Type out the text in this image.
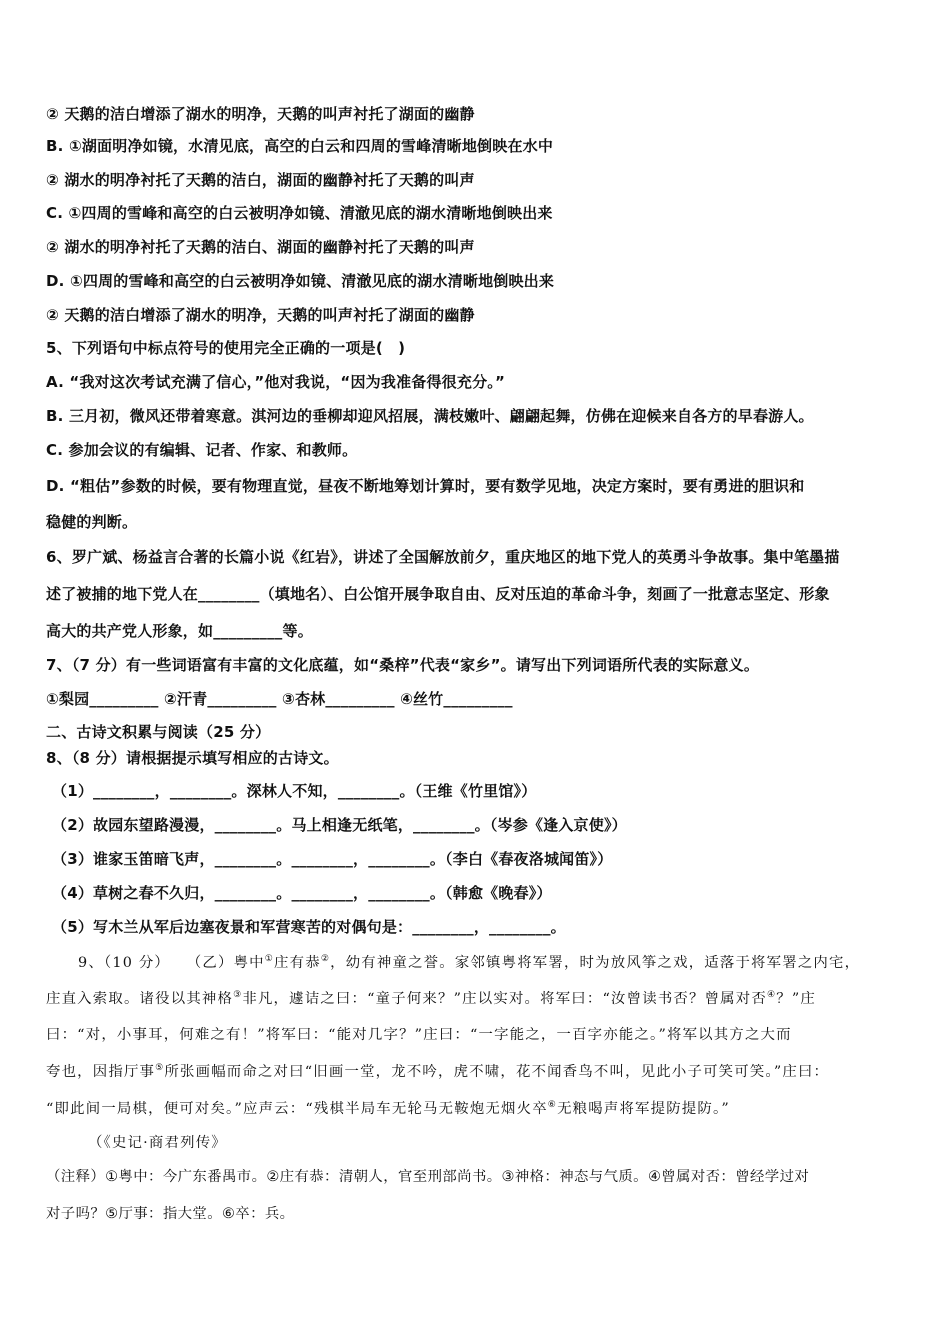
② 天鹅的洁白增添了湖水的明净，天鹅的叫声衬托了湖面的幽静
B. ①湖面明净如镜，水清见底，高空的白云和四周的雪峰清晰地倒映在水中
② 湖水的明净衬托了天鹅的洁白，湖面的幽静衬托了天鹅的叫声
C. ①四周的雪峰和高空的白云被明净如镜、清澈见底的湖水清晰地倒映出来
② 湖水的明净衬托了天鹅的洁白、湖面的幽静衬托了天鹅的叫声
D. ①四周的雪峰和高空的白云被明净如镜、清澈见底的湖水清晰地倒映出来
② 天鹅的洁白增添了湖水的明净，天鹅的叫声衬托了湖面的幽静
5、下列语句中标点符号的使用完全正确的一项是(　)
A. “我对这次考试充满了信心，”他对我说，“因为我准备得很充分。”
B. 三月初，微风还带着寒意。淇河边的垂柳却迎风招展，满枝嫩叶、翩翩起舞，仿佛在迎候来自各方的早春游人。
C. 参加会议的有编辑、记者、作家、和教师。
D. “粗估”参数的时候，要有物理直觉，昼夜不断地筹划计算时，要有数学见地，决定方案时，要有勇进的胆识和
稳健的判断。
6、罗广斌、杨益言合著的长篇小说《红岩》，讲述了全国解放前夕，重庆地区的地下党人的英勇斗争故事。集中笔墨描
述了被捕的地下党人在________（填地名）、白公馆开展争取自由、反对压迫的革命斗争，刻画了一批意志坚定、形象
高大的共产党人形象，如_________等。
7、（7 分）有一些词语富有丰富的文化底蕴，如“桑梓”代表“家乡”。请写出下列词语所代表的实际意义。
①梨园_________ ②汗青_________ ③杏林_________ ④丝竹_________
二、古诗文积累与阅读（25 分）
8、（8 分）请根据提示填写相应的古诗文。
（1）________，________。深林人不知，________。（王维《竹里馆》）
（2）故园东望路漫漫，________。马上相逢无纸笔，________。（岑参《逢入京使》）
（3）谁家玉笛暗飞声，________。________，________。（李白《春夜洛城闻笛》）
（4）草树之春不久归，________。________，________。（韩愈《晚春》）
（5）写木兰从军后边塞夜景和军营寒苦的对偶句是：________，________。
9、（10 分）　　 （乙）粤中①庄有恭②，幼有神童之誉。家邻镇粤将军署，时为放风筝之戏，适落于将军署之内宅，
庄直入索取。诸役以其神格③非凡，遽诘之曰：“童子何来？”庄以实对。将军曰：“汝曾读书否？曾属对否④？”庄
曰：“对，小事耳，何难之有！”将军曰：“能对几字？”庄曰：“一字能之，一百字亦能之。”将军以其方之大而
夸也，因指厅事⑤所张画幅而命之对曰“旧画一堂，龙不吟，虎不啸，花不闻香鸟不叫，见此小子可笑可笑。”庄曰：
“即此间一局棋，便可对矣。”应声云：“残棋半局车无轮马无鞍炮无烟火卒⑥无粮喝声将军提防提防。”
（《史记·商君列传》
（注释）①粤中：今广东番禺市。②庄有恭：清朝人，官至刑部尚书。③神格：神态与气质。④曾属对否：曾经学过对
对子吗？⑤厅事：指大堂。⑥卒：兵。
